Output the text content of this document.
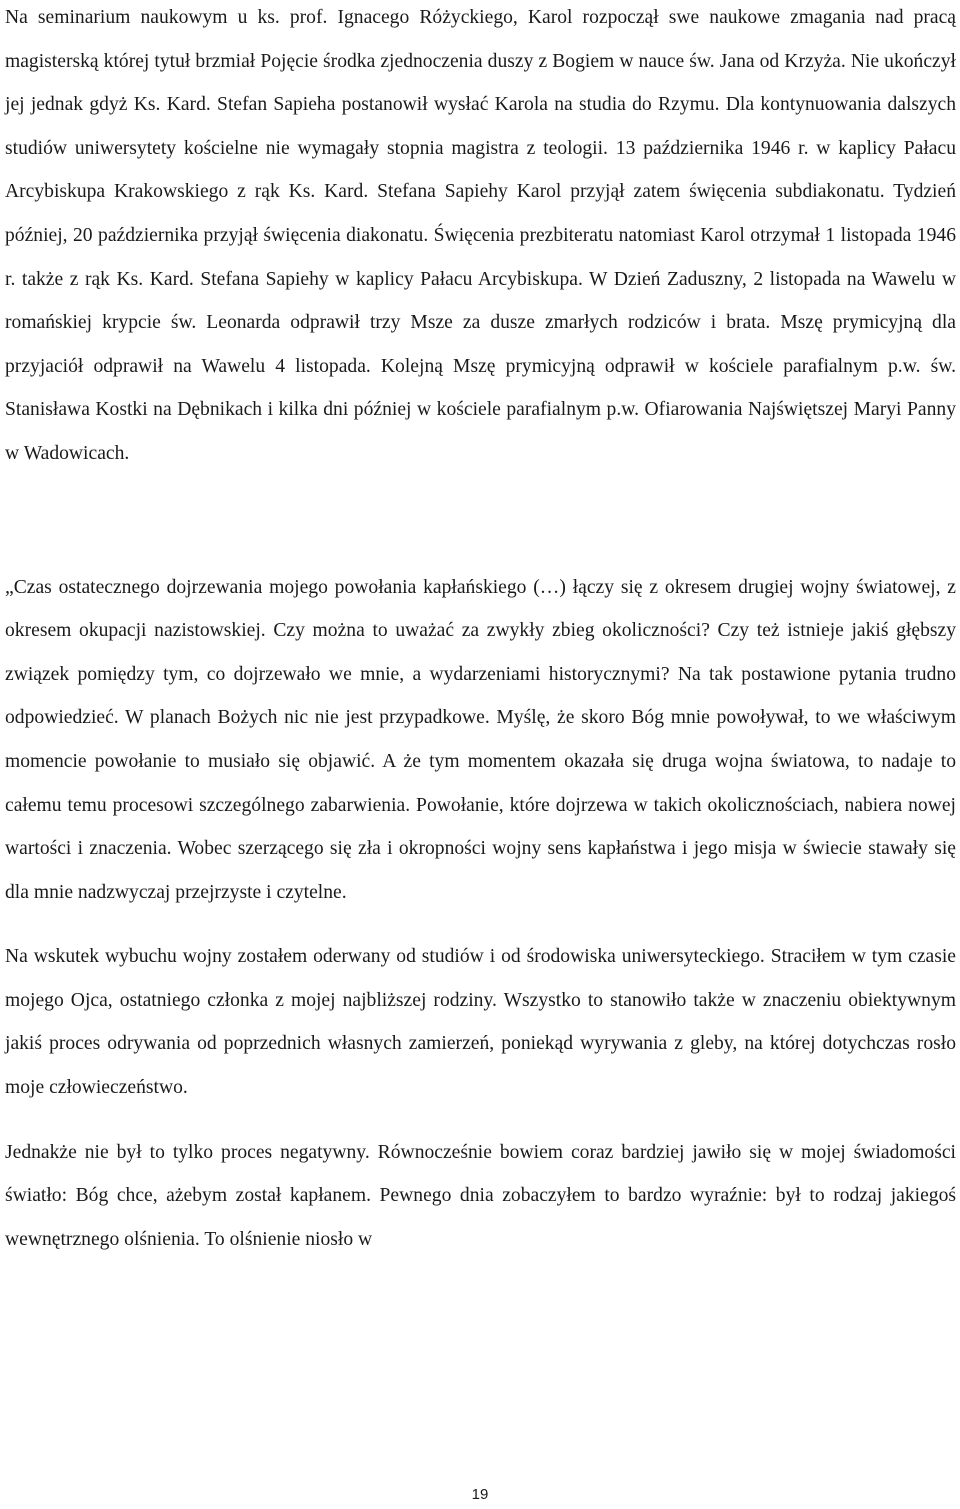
Na seminarium naukowym u ks. prof. Ignacego Różyckiego, Karol rozpoczął swe naukowe zmagania nad pracą magisterską której tytuł brzmiał Pojęcie środka zjednoczenia duszy z Bogiem w nauce św. Jana od Krzyża. Nie ukończył jej jednak gdyż Ks. Kard. Stefan Sapieha postanowił wysłać Karola na studia do Rzymu. Dla kontynuowania dalszych studiów uniwersytety kościelne nie wymagały stopnia magistra z teologii. 13 października 1946 r. w kaplicy Pałacu Arcybiskupa Krakowskiego z rąk Ks. Kard. Stefana Sapiehy Karol przyjął zatem święcenia subdiakonatu. Tydzień później, 20 października przyjął święcenia diakonatu. Święcenia prezbiteratu natomiast Karol otrzymał 1 listopada 1946 r. także z rąk Ks. Kard. Stefana Sapiehy w kaplicy Pałacu Arcybiskupa. W Dzień Zaduszny, 2 listopada na Wawelu w romańskiej krypcie św. Leonarda odprawił trzy Msze za dusze zmarłych rodziców i brata. Mszę prymicyjną dla przyjaciół odprawił na Wawelu 4 listopada. Kolejną Mszę prymicyjną odprawił w kościele parafialnym p.w. św. Stanisława Kostki na Dębnikach i kilka dni później w kościele parafialnym p.w. Ofiarowania Najświętszej Maryi Panny w Wadowicach.

„Czas ostatecznego dojrzewania mojego powołania kapłańskiego (…) łączy się z okresem drugiej wojny światowej, z okresem okupacji nazistowskiej. Czy można to uważać za zwykły zbieg okoliczności? Czy też istnieje jakiś głębszy związek pomiędzy tym, co dojrzewało we mnie, a wydarzeniami historycznymi? Na tak postawione pytania trudno odpowiedzieć. W planach Bożych nic nie jest przypadkowe. Myślę, że skoro Bóg mnie powoływał, to we właściwym momencie powołanie to musiało się objawić. A że tym momentem okazała się druga wojna światowa, to nadaje to całemu temu procesowi szczególnego zabarwienia. Powołanie, które dojrzewa w takich okolicznościach, nabiera nowej wartości i znaczenia. Wobec szerzącego się zła i okropności wojny sens kapłaństwa i jego misja w świecie stawały się dla mnie nadzwyczaj przejrzyste i czytelne.

Na wskutek wybuchu wojny zostałem oderwany od studiów i od środowiska uniwersyteckiego. Straciłem w tym czasie mojego Ojca, ostatniego członka z mojej najbliższej rodziny. Wszystko to stanowiło także w znaczeniu obiektywnym jakiś proces odrywania od poprzednich własnych zamierzeń, poniekąd wyrywania z gleby, na której dotychczas rosło moje człowieczeństwo.

Jednakże nie był to tylko proces negatywny. Równocześnie bowiem coraz bardziej jawiło się w mojej świadomości światło: Bóg chce, ażebym został kapłanem. Pewnego dnia zobaczyłem to bardzo wyraźnie: był to rodzaj jakiegoś wewnętrznego olśnienia. To olśnienie niosło w

19
